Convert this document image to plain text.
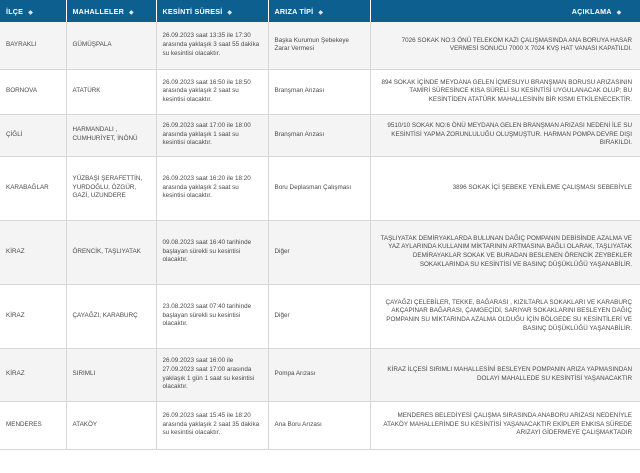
İLÇE ◆	MAHALLELER ◆	KESİNTİ SÜRESİ ◆	ARIZA TİPİ ◆	AÇIKLAMA ◆
BAYRAKLI	GÜMÜŞPALA	26.09.2023 saat 13:35 ile 17:30 arasında yaklaşık 3 saat 55 dakika su kesintisi olacaktır.	Başka Kurumun Şebekeye Zarar Vermesi	7026 SOKAK NO:3 ÖNÜ TELEKOM KAZI ÇALIŞMASINDA ANA BORUYA HASAR VERMESİ SONUCU 7000 X 7024 KVŞ HAT VANASI KAPATILDI.
BORNOVA	ATATÜRK	26.09.2023 saat 16:50 ile 18:50 arasında yaklaşık 2 saat su kesintisi olacaktır.	Branşman Arızası	894 SOKAK İÇİNDE MEYDANA GELEN İÇMESUYU BRANŞMAN BORUSU ARIZASININ TAMİRİ SÜRESİNCE KISA SÜRELİ SU KESİNTİSİ UYGULANACAK OLUP; BU KESİNTİDEN ATATÜRK MAHALLESİNİN BİR KISMI ETKİLENECEKTİR.
ÇİĞLİ	HARMANDALI , CUMHURİYET, İNÖNÜ	26.09.2023 saat 17:00 ile 18:00 arasında yaklaşık 1 saat su kesintisi olacaktır.	Branşman Arızası	9510/10 SOKAK NO:6 ÖNÜ MEYDANA GELEN BRANŞMAN ARIZASI NEDENİ İLE SU KESİNTİSİ YAPMA ZORUNLULUĞU OLUŞMUŞTUR. HARMAN POMPA DEVRE DIŞI BIRAKILDI.
KARABAĞLAR	YÜZBAŞI ŞERAFETTİN, YURDOĞLU, ÖZGÜR, GAZİ, UZUNDERE	26.09.2023 saat 16:20 ile 18:20 arasında yaklaşık 2 saat su kesintisi olacaktır.	Boru Deplasman Çalışması	3896 SOKAK İÇİ ŞEBEKE YENİLEME ÇALIŞMASI SEBEBİYLE
KİRAZ	ÖRENCİK, TAŞLIYATAK	09.08.2023 saat 16:40 tarihinde başlayan sürekli su kesintisi olacaktır.	Diğer	TAŞLIYATAK DEMİRYAKLARDA BULUNAN DAĞIÇ POMPANIN DEBİSİNDE AZALMA VE YAZ AYLARINDA KULLANIM MİKTARININ ARTMASINA BAĞLI OLARAK, TAŞLIYATAK DEMİRAYAKLAR SOKAK VE BURADAN BESLENEN ÖRENCİK ZEYBEKLER SOKAKLARINDA SU KESİNTİSİ VE BASINÇ DÜŞÜKLÜĞÜ YAŞANABİLİR.
KİRAZ	ÇAYAĞZI, KARABURÇ	23.08.2023 saat 07:40 tarihinde başlayan sürekli su kesintisi olacaktır.	Diğer	ÇAYAĞZI ÇELEBİLER, TEKKE, BAĞARASI , KIZILTARLA SOKAKLARI VE KARABURÇ AKÇAPINAR BAĞARASI, ÇAMGEÇİDİ, SARIYAR SOKAKLARINI BESLEYEN DAĞIÇ POMPANIN SU MİKTARINDA AZALMA OLDUĞU İÇİN BÖLGEDE SU KESİNTİLERİ VE BASINÇ DÜŞÜKLÜĞÜ YAŞANABİLİR.
KİRAZ	SIRIMLI	26.09.2023 saat 16:00 ile 27.09.2023 saat 17:00 arasında yaklaşık 1 gün 1 saat su kesintisi olacaktır.	Pompa Arızası	KİRAZ İLÇESİ SIRIMLI MAHALLESİNİ BESLEYEN POMPANIN ARIZA YAPMASINDAN DOLAYI MAHALLEDE SU KESİNTİSİ YAŞANACAKTIR
MENDERES	ATAKÖY	26.09.2023 saat 15:45 ile 18:20 arasında yaklaşık 2 saat 35 dakika su kesintisi olacaktır.	Ana Boru Arızası	MENDERES BELEDİYESİ ÇALIŞMA SIRASINDA ANABORU ARIZASI NEDENİYLE ATAKÖY MAHALLERİNDE SU KESİNTİSİ YAŞANACAKTIR EKİPLER ENKISA SÜREDE ARIZAYI GİDERMEYE ÇALIŞMAKTADIR
